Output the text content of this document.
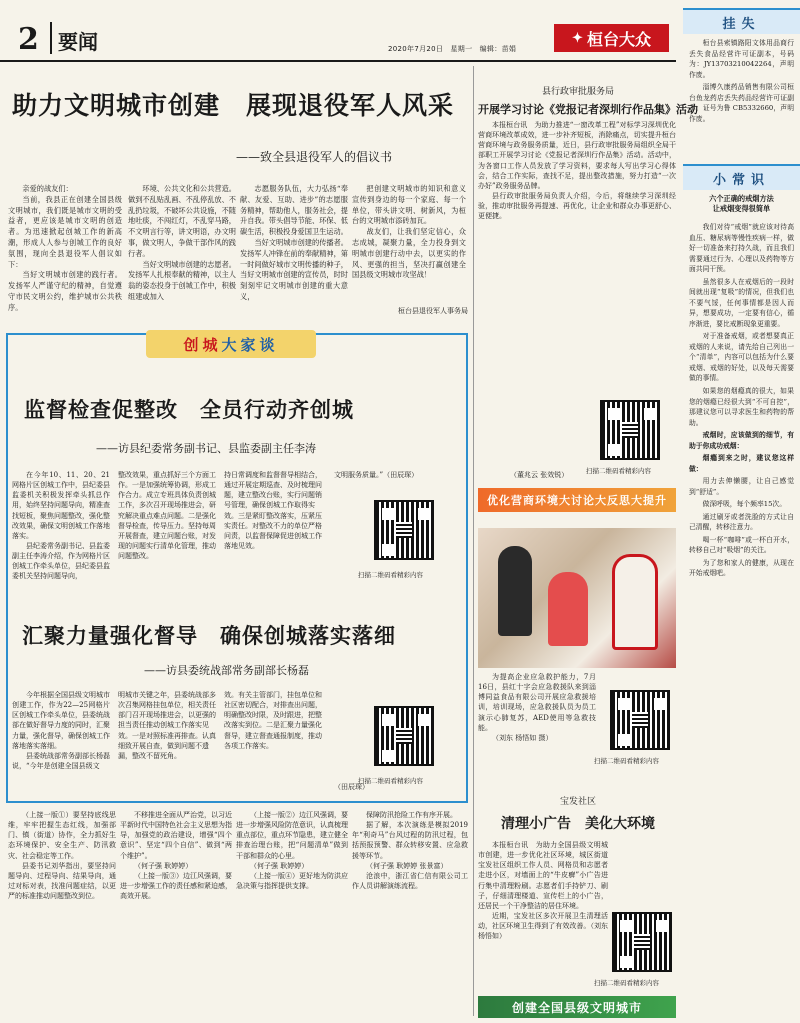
2 要闻	2020年7月20日　星期一　编辑：苗娟
✦ 桓台大众
助力文明城市创建　展现退役军人风采
——致全县退役军人的倡议书

亲爱的战友们：

当前，我县正在创建全国县级文明城市，我们既是城市文明的受益者，更应该是城市文明的创造者。为迅速掀起创城工作的新高潮，形成人人参与创城工作的良好氛围，现向全县退役军人倡议如下：

当好文明城市创建的践行者。发扬军人严谨守纪的精神，自觉遵守市民文明公约，维护城市公共秩序。

环境、公共文化和公共营造。做到不乱贴乱画、不乱停乱放、不乱扔垃圾，不破坏公共设施，不随地吐痰，不闯红灯，不乱穿马路，不文明言行等，讲文明语，办文明事，做文明人，争做干部作风的践行者。

当好文明城市创建的志愿者。发扬军人扎根奉献的精神，以主人翁的姿态投身于创城工作中，积极组建或加入

志愿服务队伍，大力弘扬“奉献、友爱、互助、进步”的志愿服务精神，帮助他人，服务社会，提升自我。带头倡导节能、环保、低碳生活，积极投身爱国卫生运动。

当好文明城市创建的传播者。发扬军人冲锋在前的奉献精神，第一时间做好城市文明传播的种子，当好文明城市创建的宣传员，时时刻刻牢记文明城市创建的重大意义，

把创建文明城市的知识和意义宣传到身边的每一个家庭、每一个单位，带头讲文明、树新风，为桓台的文明城市添砖加瓦。

战友们，让我们坚定信心，众志成城，凝聚力量，全力投身到文明城市创建行动中去，以更实的作风、更强的担当，坚决打赢创建全国县级文明城市攻坚战！

桓台县退役军人事务局
创城 大家谈
监督检查促整改　全员行动齐创城
——访县纪委常务副书记、县监委副主任李涛

在今年10、11、20、21网格片区创城工作中，县纪委县监委机关积极发挥牵头抓总作用，始终坚持问题导向，精准查找短板，聚焦问题整改，强化整改效果，确保文明创城工作落地落实。

县纪委常务副书记、县监委副主任李涛介绍，作为网格片区创城工作牵头单位，县纪委县监委机关坚持问题导向，

整改效果，重点抓好三个方面工作。一是加强统筹协调，形成工作合力。成立专班具体负责创城工作，多次召开现场推进会，研究解决重点难点问题。二是强化督导检查，传导压力。坚持每周开展督查，建立问题台账，对发现的问题实行清单化管理，推动问题整改。
持日常调度和监督督导相结合，通过开展定期巡查、及时梳理问题，建立整改台账，实行问题销号管理，确保创城工作取得实效。三是紧盯整改落实，压紧压实责任。对整改不力的单位严格问责，以监督保障促进创城工作落地见效。
文明服务质量。”（田辰琛）
扫描二维码看精彩内容
汇聚力量强化督导　确保创城落实落细
——访县委统战部常务副部长杨磊

今年根据全国县级文明城市创建工作，作为22—25网格片区创城工作牵头单位，县委统战部在做好督导力度的同时，汇聚力量，强化督导，确保创城工作落地落实落细。

县委统战部常务副部长杨磊说，“今年是创建全国县级文

明城市关键之年，县委统战部多次召集网格挂包单位，相关责任部门召开现场推进会，以更强的担当责任推动创城工作落实见效。一是对照标准再排查。认真细致开展自查，做到问题不遗漏，整改不留死角。
效。有关主管部门，挂包单位和社区密切配合，对排查出问题，明确整改时限，及时跟进，把整改落实到位。二是汇聚力量强化督导，建立督查通报制度，推动各项工作落实。
（田辰琛）
扫描二维码看精彩内容

（上接一版①）要坚持底线思维，牢牢把握生态红线，加强部门、镇（街道）协作，全力抓好生态环境保护、安全生产、防汛救灾、社会稳定等工作。

县委书记刘华指出，要坚持问题导向、过程导向、结果导向，通过对标对表，找准问题症结，以更严的标准推动问题整改到位。

不移推进全面从严治党，以习近平新时代中国特色社会主义思想为指导，加强党的政治建设，增强“四个意识”、坚定“四个自信”、做到“两个维护”。

（何子强 耿婷婷）

（上接一版③）边江风强调，要进一步增强工作的责任感和紧迫感，高效开展。

（上接一版②）边江风强调，要进一步增强风险防范意识，认真梳理重点部位，重点环节隐患，建立健全排查治理台账，把“问题清单”做到干部和群众的心里。

（何子强 耿婷婷）

（上接一版④）更好地为防洪应急决策与指挥提供支撑。

保障防汛抢险工作有序开展。

据了解，本次演练是模拟2019年“利奇马”台风过程的防汛过程，包括预报预警、群众转移安置、应急救援等环节。

（何子强 耿婷婷 张景富）

沧浪中，浙江省仁信有限公司工作人员讲解演练流程。

县行政审批服务局
开展学习讨论《党报记者深圳行作品集》活动

本报桓台讯　为助力推进“一窗改革工程”对标学习深圳优化营商环境改革成效，进一步补齐短板，消除痛点，切实提升桓台营商环境与政务服务质量，近日，县行政审批服务局组织全局干部职工开展学习讨论《党报记者深圳行作品集》活动。活动中，为各窗口工作人员发放了学习资料，要求每人写出学习心得体会，结合工作实际，查找不足，提出整改措施，努力打造“一次办好”政务服务品牌。

县行政审批服务局负责人介绍，今后，将继续学习深圳经验，推动审批服务再提速、再优化，让企业和群众办事更舒心、更便捷。

（董兆云 张效锐）	扫描二维码看精彩内容
优化营商环境大讨论大反思大提升

为提高企业应急救护能力，7月16日，县红十字会应急救援队来到淄博同益食品有限公司开展应急救援培训，培训现场，应急救援队员为员工演示心肺复苏，AED使用等急救技能。

（刘东 杨悟如 摄）

扫描二维码看精彩内容
宝发社区
清理小广告　美化大环境

本报桓台讯　为助力全国县级文明城市创建，进一步优化社区环境，城区街道宝发社区组织工作人员、网格员和志愿者走进小区，对墙面上的“牛皮癣”小广告进行集中清理粉刷。志愿者们手持铲刀、刷子，仔细清理楼道、宣传栏上的小广告，还居民一个干净整洁的居住环境。

近期，宝发社区多次开展卫生清理活动，社区环境卫生得到了有效改善。（刘东 杨悟如）

扫描二维码看精彩内容
创建全国县级文明城市
挂失

桓台县索镇路阳文体用品商行丢失食品经营许可证副本，号码为：JY13703210042264，声明作废。

淄博久康药品销售有限公司桓台鱼龙药店丢失药品经营许可证副本，证号为鲁 CB5332660，声明作废。

小常识
六个正确的戒烟方法
让戒烟变得很简单

我们对待“戒烟”就应该对待高血压、糖尿病等慢性疾病一样，做好一切准备来打持久战，而且我们需要通过行为、心理以及药物等方面共同干预。

虽然很多人在戒烟后的一段时间就出现“复吸”的情况，但我们也不要气馁，任何事情都是因人而异，想要成功，一定要有信心，循序渐进，要比戒断现象更重要。

对于准备戒烟，或者想要真正戒烟的人来说，请先给自己列出一个“清单”，内容可以包括为什么要戒烟、戒烟的好处，以及每天需要做的事情。

如果您的烟瘾真的很大，如果您的烟瘾已经很大到“不可自控”，那建议您可以寻求医生和药物的帮助。

戒烟时，应该做到的细节，有助于你成功戒烟：

烟瘾到来之时，建议您这样做：

用力去伸懒腰，让自己感觉到“舒适”。

做深呼吸，每个频率15次。

通过刷牙或者洗脸的方式让自己清醒，转移注意力。

喝一杯“咖啡”或一杯白开水，转移自己对“吸烟”的关注。

为了您和家人的健康，从现在开始戒烟吧。
